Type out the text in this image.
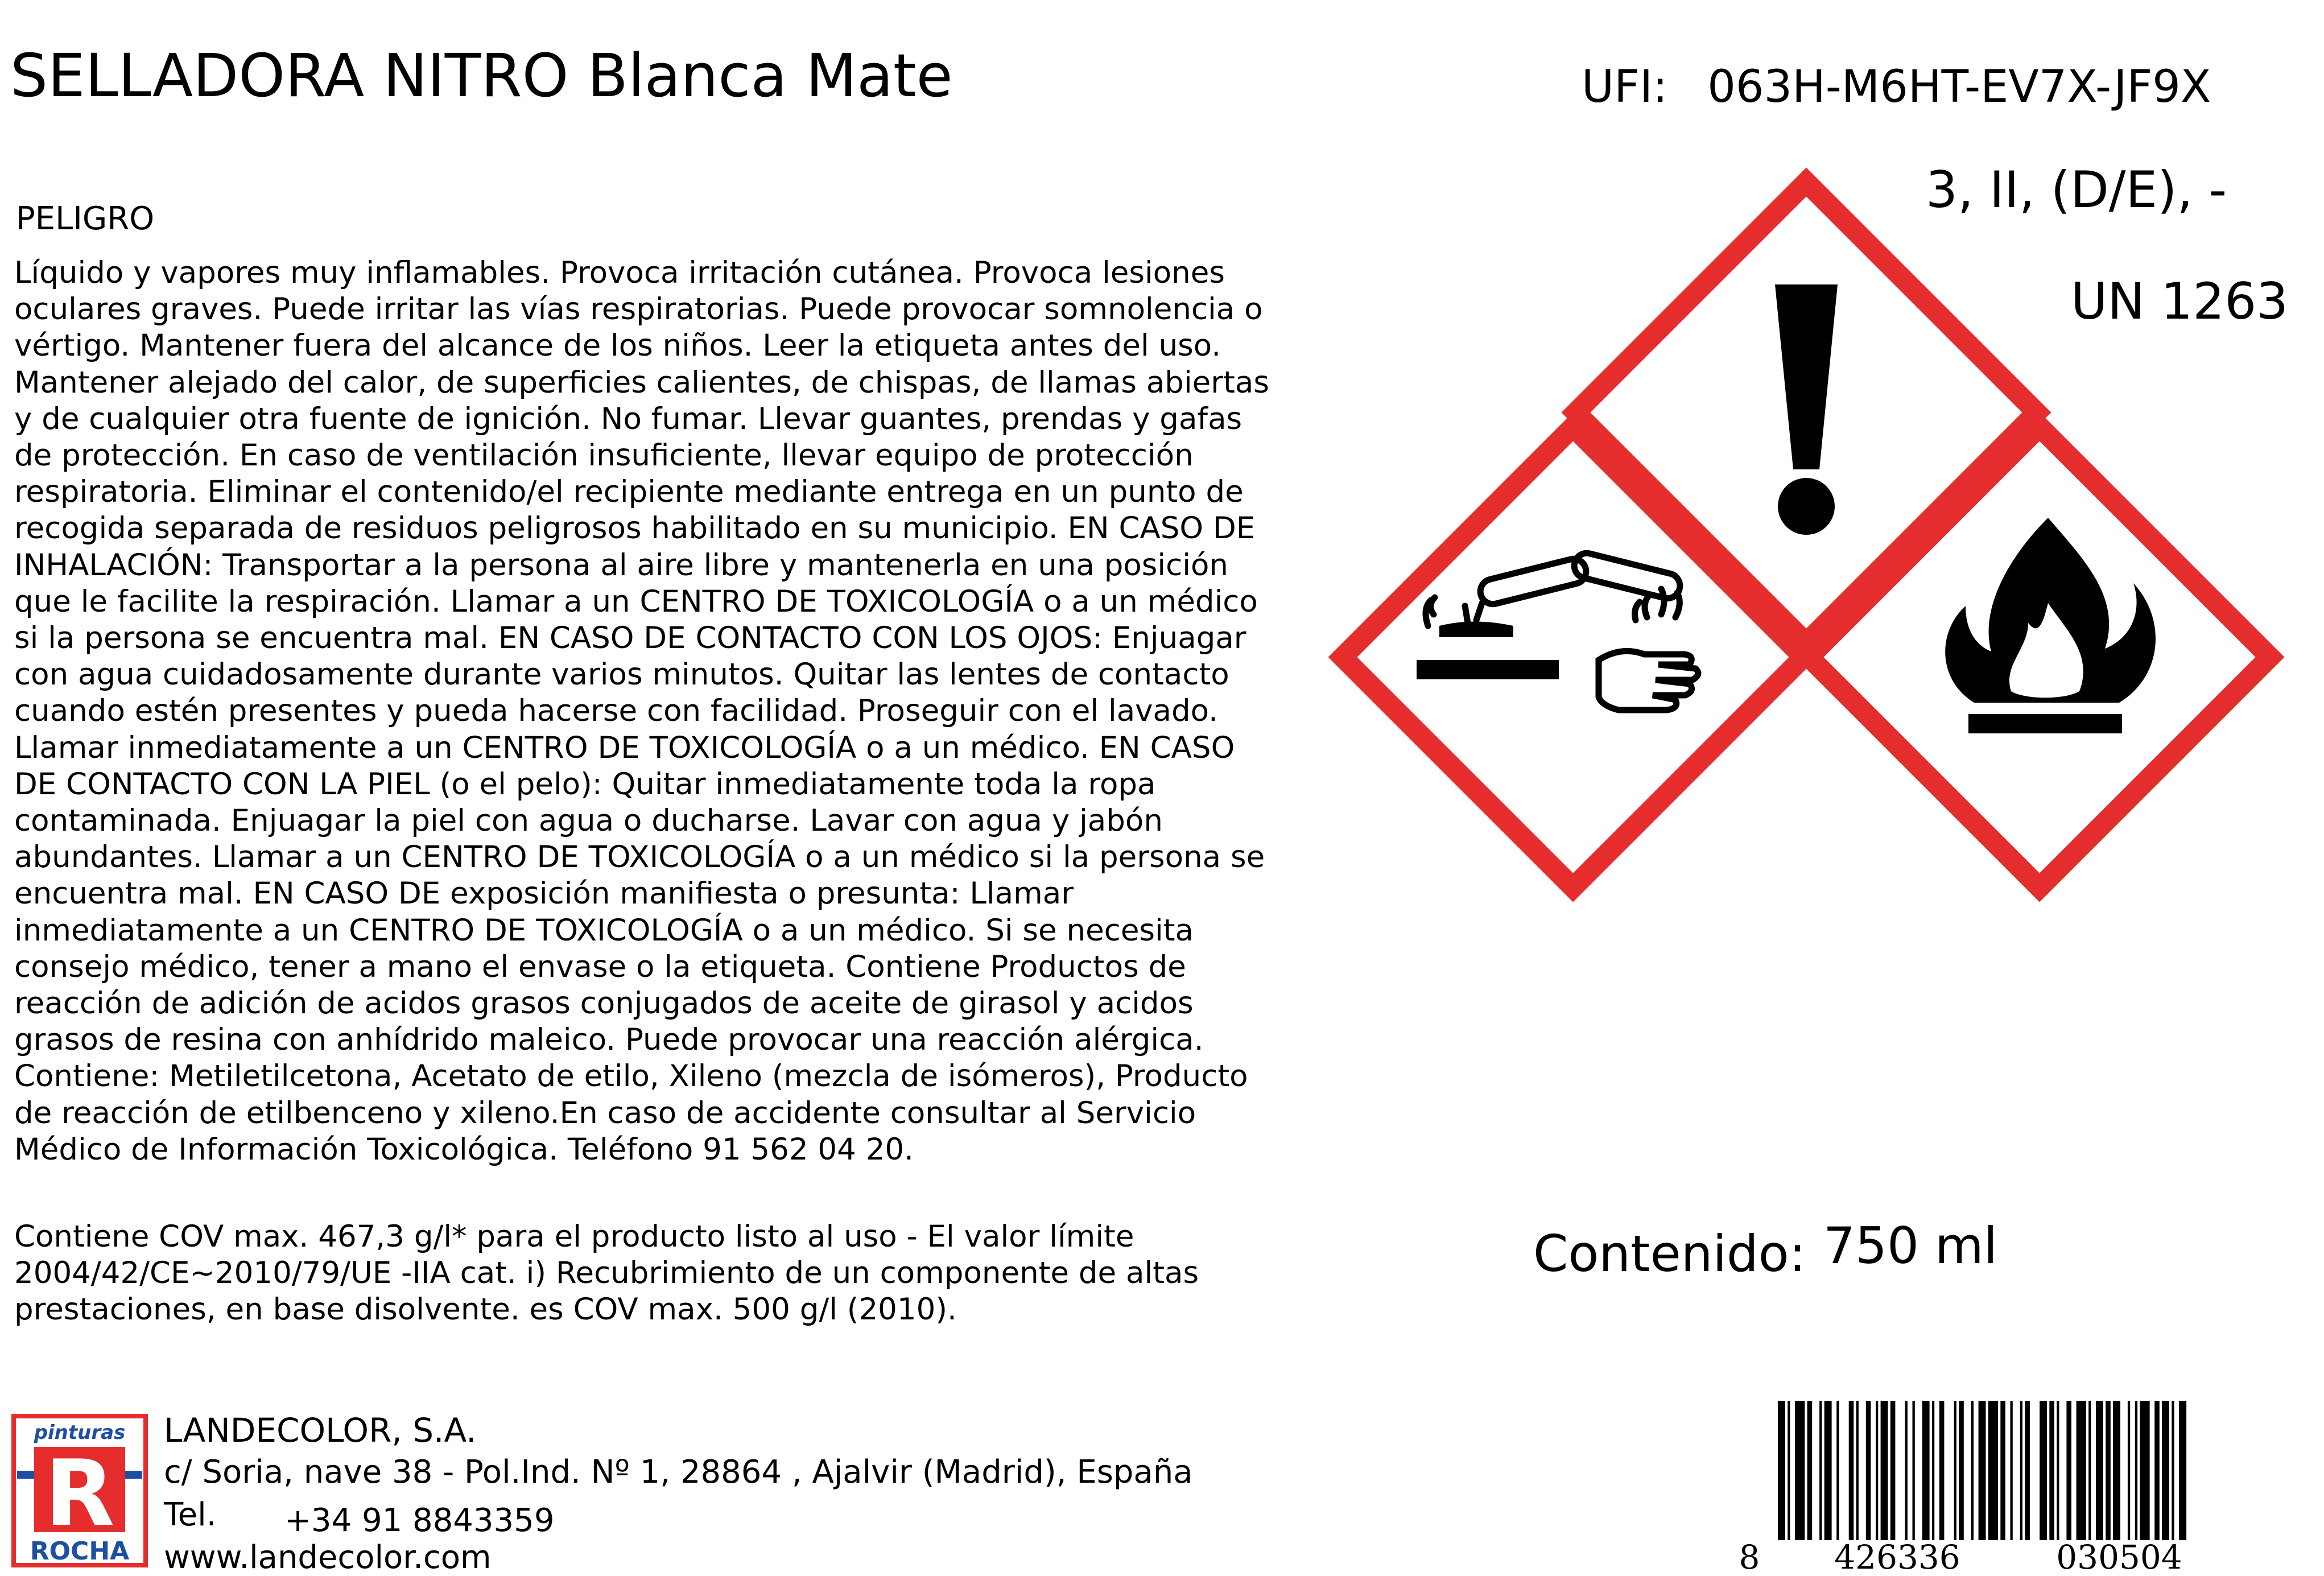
SELLADORA NITRO Blanca Mate	UFI: 063H-M6HT-EV7X-JF9X
3, II, (D/E), -
UN 1263
PELIGRO
Líquido y vapores muy inflamables. Provoca irritación cutánea. Provoca lesiones oculares graves. Puede irritar las vías respiratorias. Puede provocar somnolencia o vértigo. Mantener fuera del alcance de los niños. Leer la etiqueta antes del uso. Mantener alejado del calor, de superficies calientes, de chispas, de llamas abiertas y de cualquier otra fuente de ignición. No fumar. Llevar guantes, prendas y gafas de protección. En caso de ventilación insuficiente, llevar equipo de protección respiratoria. Eliminar el contenido/el recipiente mediante entrega en un punto de recogida separada de residuos peligrosos habilitado en su municipio. EN CASO DE INHALACIÓN: Transportar a la persona al aire libre y mantenerla en una posición que le facilite la respiración. Llamar a un CENTRO DE TOXICOLOGÍA o a un médico si la persona se encuentra mal. EN CASO DE CONTACTO CON LOS OJOS: Enjuagar con agua cuidadosamente durante varios minutos. Quitar las lentes de contacto cuando estén presentes y pueda hacerse con facilidad. Proseguir con el lavado. Llamar inmediatamente a un CENTRO DE TOXICOLOGÍA o a un médico. EN CASO DE CONTACTO CON LA PIEL (o el pelo): Quitar inmediatamente toda la ropa contaminada. Enjuagar la piel con agua o ducharse. Lavar con agua y jabón abundantes. Llamar a un CENTRO DE TOXICOLOGÍA o a un médico si la persona se encuentra mal. EN CASO DE exposición manifiesta o presunta: Llamar inmediatamente a un CENTRO DE TOXICOLOGÍA o a un médico. Si se necesita consejo médico, tener a mano el envase o la etiqueta. Contiene Productos de reacción de adición de acidos grasos conjugados de aceite de girasol y acidos grasos de resina con anhídrido maleico. Puede provocar una reacción alérgica. Contiene: Metiletilcetona, Acetato de etilo, Xileno (mezcla de isómeros), Producto de reacción de etilbenceno y xileno.En caso de accidente consultar al Servicio Médico de Información Toxicológica. Teléfono 91 562 04 20.
Contiene COV max. 467,3 g/l* para el producto listo al uso - El valor límite 2004/42/CE~2010/79/UE -IIA cat. i) Recubrimiento de un componente de altas prestaciones, en base disolvente. es COV max. 500 g/l (2010).
Contenido: 750 ml
pinturas
R
ROCHA
LANDECOLOR, S.A.
c/ Soria, nave 38 - Pol.Ind. Nº 1, 28864 , Ajalvir (Madrid), España
Tel. +34 91 8843359
www.landecolor.com	8 426336	030504
